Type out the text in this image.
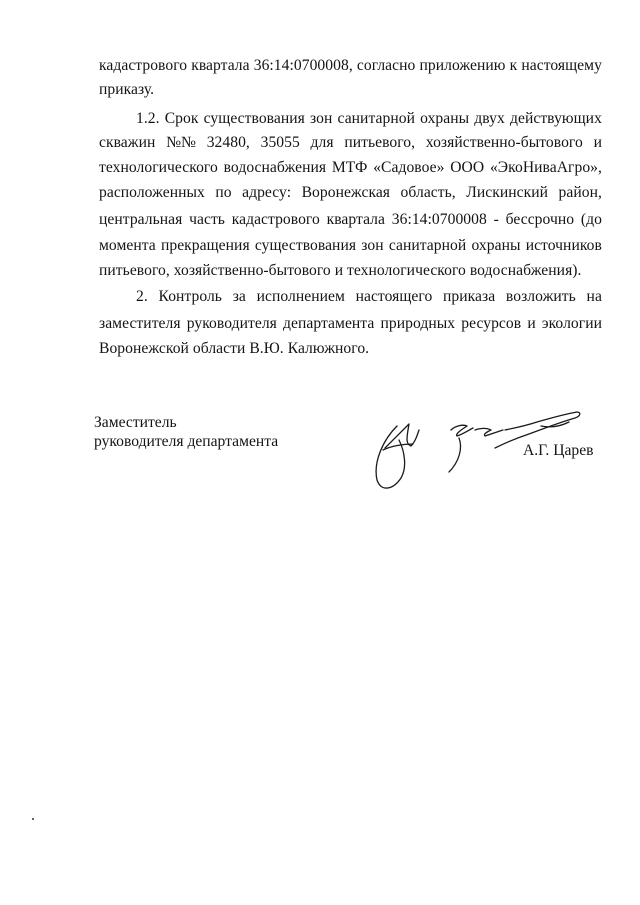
кадастрового квартала 36:14:0700008, согласно приложению к настоящему
приказу.
1.2. Срок существования зон санитарной охраны двух действующих
скважин №№ 32480, 35055 для питьевого, хозяйственно-бытового и
технологического водоснабжения МТФ «Садовое» ООО «ЭкоНиваАгро»,
расположенных по адресу: Воронежская область, Лискинский район,
центральная часть кадастрового квартала 36:14:0700008 - бессрочно (до
момента прекращения существования зон санитарной охраны источников
питьевого, хозяйственно-бытового и технологического водоснабжения).
2. Контроль за исполнением настоящего приказа возложить на
заместителя руководителя департамента природных ресурсов и экологии
Воронежской области В.Ю. Калюжного.
Заместитель
руководителя департамента
А.Г. Царев
